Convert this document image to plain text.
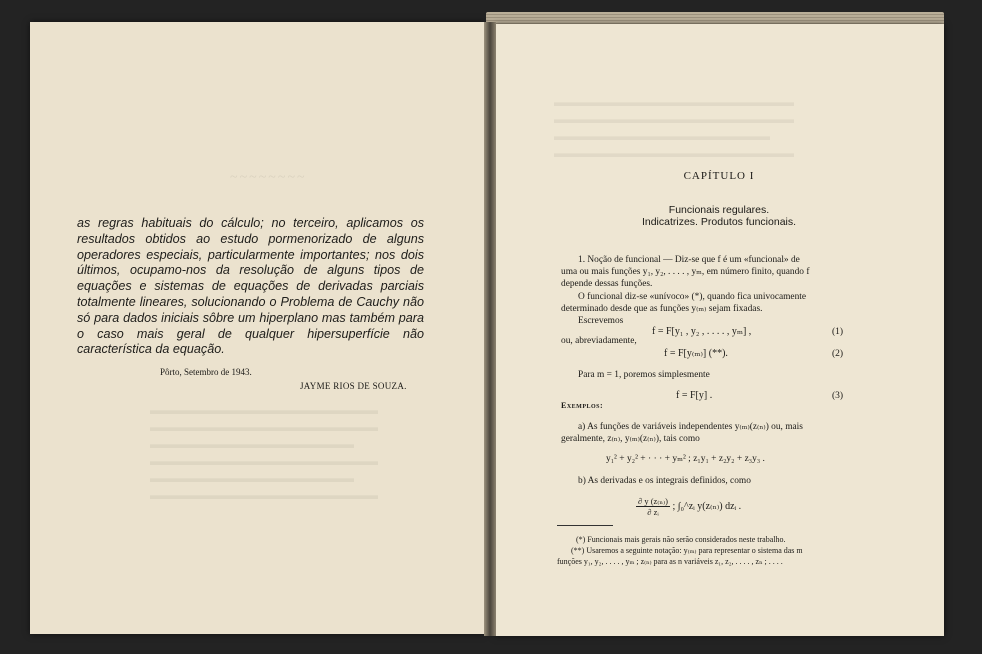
~~~~~~~~
▬▬▬▬▬▬▬▬▬▬▬▬▬▬▬▬▬▬▬
▬▬▬▬▬▬▬▬▬▬▬▬▬▬▬▬▬▬▬
▬▬▬▬▬▬▬▬▬▬▬▬▬▬▬▬▬
▬▬▬▬▬▬▬▬▬▬▬▬▬▬▬▬▬▬▬
▬▬▬▬▬▬▬▬▬▬▬▬▬▬▬▬▬
▬▬▬▬▬▬▬▬▬▬▬▬▬▬▬▬▬▬▬
▬▬▬▬▬▬▬▬▬▬▬▬▬▬▬▬▬▬▬▬
▬▬▬▬▬▬▬▬▬▬▬▬▬▬▬▬▬▬▬▬
▬▬▬▬▬▬▬▬▬▬▬▬▬▬▬▬▬▬
▬▬▬▬▬▬▬▬▬▬▬▬▬▬▬▬▬▬▬▬
as regras habituais do cálculo; no terceiro, aplicamos os resultados obtidos ao estudo pormenorizado de alguns operadores especiais, particularmente importantes; nos dois últimos, ocupamo-nos da resolução de alguns tipos de equações e sistemas de equações de derivadas parciais totalmente lineares, solucionando o Problema de Cauchy não só para dados iniciais sôbre um hiperplano mas também para o caso mais geral de qualquer hipersuperfície não característica da equação.
Pôrto, Setembro de 1943.
JAYME RIOS DE SOUZA.
CAPÍTULO I
Funcionais regulares.
Indicatrizes. Produtos funcionais.
1. Noção de funcional — Diz-se que f é um «funcional» de
uma ou mais funções y₁, y₂, . . . . , yₘ, em número finito, quando f
depende dessas funções.
O funcional diz-se «unívoco» (*), quando fica univocamente
determinado desde que as funções y₍ₘ₎ sejam fixadas.
Escrevemos
f = F[y₁ , y₂ , . . . . , yₘ] ,	(1)
ou, abreviadamente,
f = F[y₍ₘ₎] (**).	(2)
Para m = 1, poremos simplesmente
f = F[y] .	(3)
Exemplos:
a) As funções de variáveis independentes y₍ₘ₎(z₍ₙ₎) ou, mais
geralmente, z₍ₙ₎, y₍ₘ₎(z₍ₙ₎), tais como
y₁² + y₂² + · · · + yₘ² ; z₁y₁ + z₂y₂ + z₃y₃ .
b) As derivadas e os integrais definidos, como
$\frac{\text{∂ y (z₍ₙ₎)}}{\text{∂ zᵢ}}$ ; ∫₀^zᵢ y(z₍ₙ₎) dzᵢ .
(*) Funcionais mais gerais não serão considerados neste trabalho.
(**) Usaremos a seguinte notação: y₍ₘ₎ para representar o sistema das m
funções y₁, y₂, . . . . , yₘ ; z₍ₙ₎ para as n variáveis z₁, z₂, . . . . , zₙ ; . . . .
